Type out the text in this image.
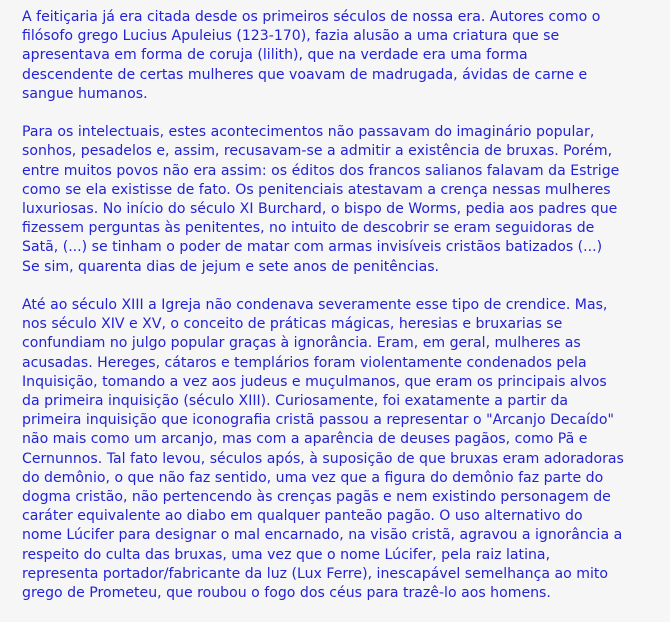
A feitiçaria já era citada desde os primeiros séculos de nossa era. Autores como o
filósofo grego Lucius Apuleius (123-170), fazia alusão a uma criatura que se
apresentava em forma de coruja (lilith), que na verdade era uma forma
descendente de certas mulheres que voavam de madrugada, ávidas de carne e
sangue humanos.

Para os intelectuais, estes acontecimentos não passavam do imaginário popular,
sonhos, pesadelos e, assim, recusavam-se a admitir a existência de bruxas. Porém,
entre muitos povos não era assim: os éditos dos francos salianos falavam da Estrige
como se ela existisse de fato. Os penitenciais atestavam a crença nessas mulheres
luxuriosas. No início do século XI Burchard, o bispo de Worms, pedia aos padres que
fizessem perguntas às penitentes, no intuito de descobrir se eram seguidoras de
Satã, (...) se tinham o poder de matar com armas invisíveis cristãos batizados (...)
Se sim, quarenta dias de jejum e sete anos de penitências.

Até ao século XIII a Igreja não condenava severamente esse tipo de crendice. Mas,
nos século XIV e XV, o conceito de práticas mágicas, heresias e bruxarias se
confundiam no julgo popular graças à ignorância. Eram, em geral, mulheres as
acusadas. Hereges, cátaros e templários foram violentamente condenados pela
Inquisição, tomando a vez aos judeus e muçulmanos, que eram os principais alvos
da primeira inquisição (século XIII). Curiosamente, foi exatamente a partir da
primeira inquisição que iconografia cristã passou a representar o "Arcanjo Decaído"
não mais como um arcanjo, mas com a aparência de deuses pagãos, como Pã e
Cernunnos. Tal fato levou, séculos após, à suposição de que bruxas eram adoradoras
do demônio, o que não faz sentido, uma vez que a figura do demônio faz parte do
dogma cristão, não pertencendo às crenças pagãs e nem existindo personagem de
caráter equivalente ao diabo em qualquer panteão pagão. O uso alternativo do
nome Lúcifer para designar o mal encarnado, na visão cristã, agravou a ignorância a
respeito do culta das bruxas, uma vez que o nome Lúcifer, pela raiz latina,
representa portador/fabricante da luz (Lux Ferre), inescapável semelhança ao mito
grego de Prometeu, que roubou o fogo dos céus para trazê-lo aos homens.
